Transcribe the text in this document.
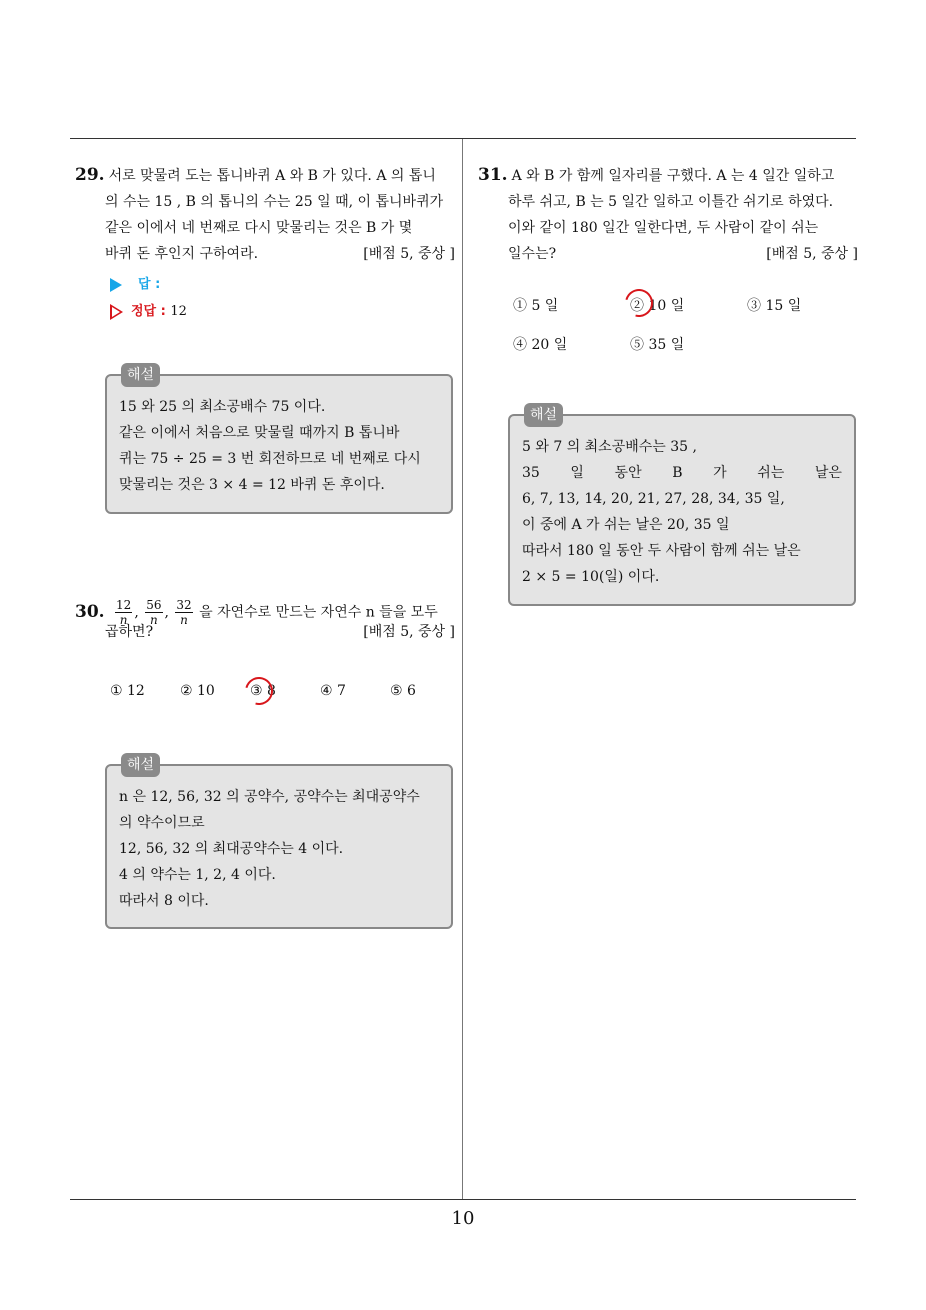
29. 서로 맞물려 도는 톱니바퀴 A 와 B 가 있다. A 의 톱니
의 수는 15 , B 의 톱니의 수는 25 일 때, 이 톱니바퀴가
같은 이에서 네 번째로 다시 맞물리는 것은 B 가 몇
바퀴 돈 후인지 구하여라.	[배점 5, 중상 ]
답 :
정답 : 12
해설
15 와 25 의 최소공배수 75 이다.
같은 이에서 처음으로 맞물릴 때까지 B 톱니바
퀴는 75 ÷ 25 = 3 번 회전하므로 네 번째로 다시
맞물리는 것은 3 × 4 = 12 바퀴 돈 후이다.
30. $\frac{12}{n}$ , $\frac{56}{n}$ , $\frac{32}{n}$ 을 자연수로 만드는 자연수 n 들을 모두
곱하면?	[배점 5, 중상 ]
① 12	② 10	③ 8	④ 7	⑤ 6
해설
n 은 12, 56, 32 의 공약수, 공약수는 최대공약수
의 약수이므로
12, 56, 32 의 최대공약수는 4 이다.
4 의 약수는 1, 2, 4 이다.
따라서 8 이다.
31. A 와 B 가 함께 일자리를 구했다. A 는 4 일간 일하고
하루 쉬고, B 는 5 일간 일하고 이틀간 쉬기로 하였다.
이와 같이 180 일간 일한다면, 두 사람이 같이 쉬는
일수는?	[배점 5, 중상 ]
① 5 일	② 10 일	③ 15 일
④ 20 일	⑤ 35 일
해설
5 와 7 의 최소공배수는 35 ,
35 일 동안 B 가 쉬는 날은
6, 7, 13, 14, 20, 21, 27, 28, 34, 35 일,
이 중에 A 가 쉬는 날은 20, 35 일
따라서 180 일 동안 두 사람이 함께 쉬는 날은
2 × 5 = 10(일) 이다.
10
